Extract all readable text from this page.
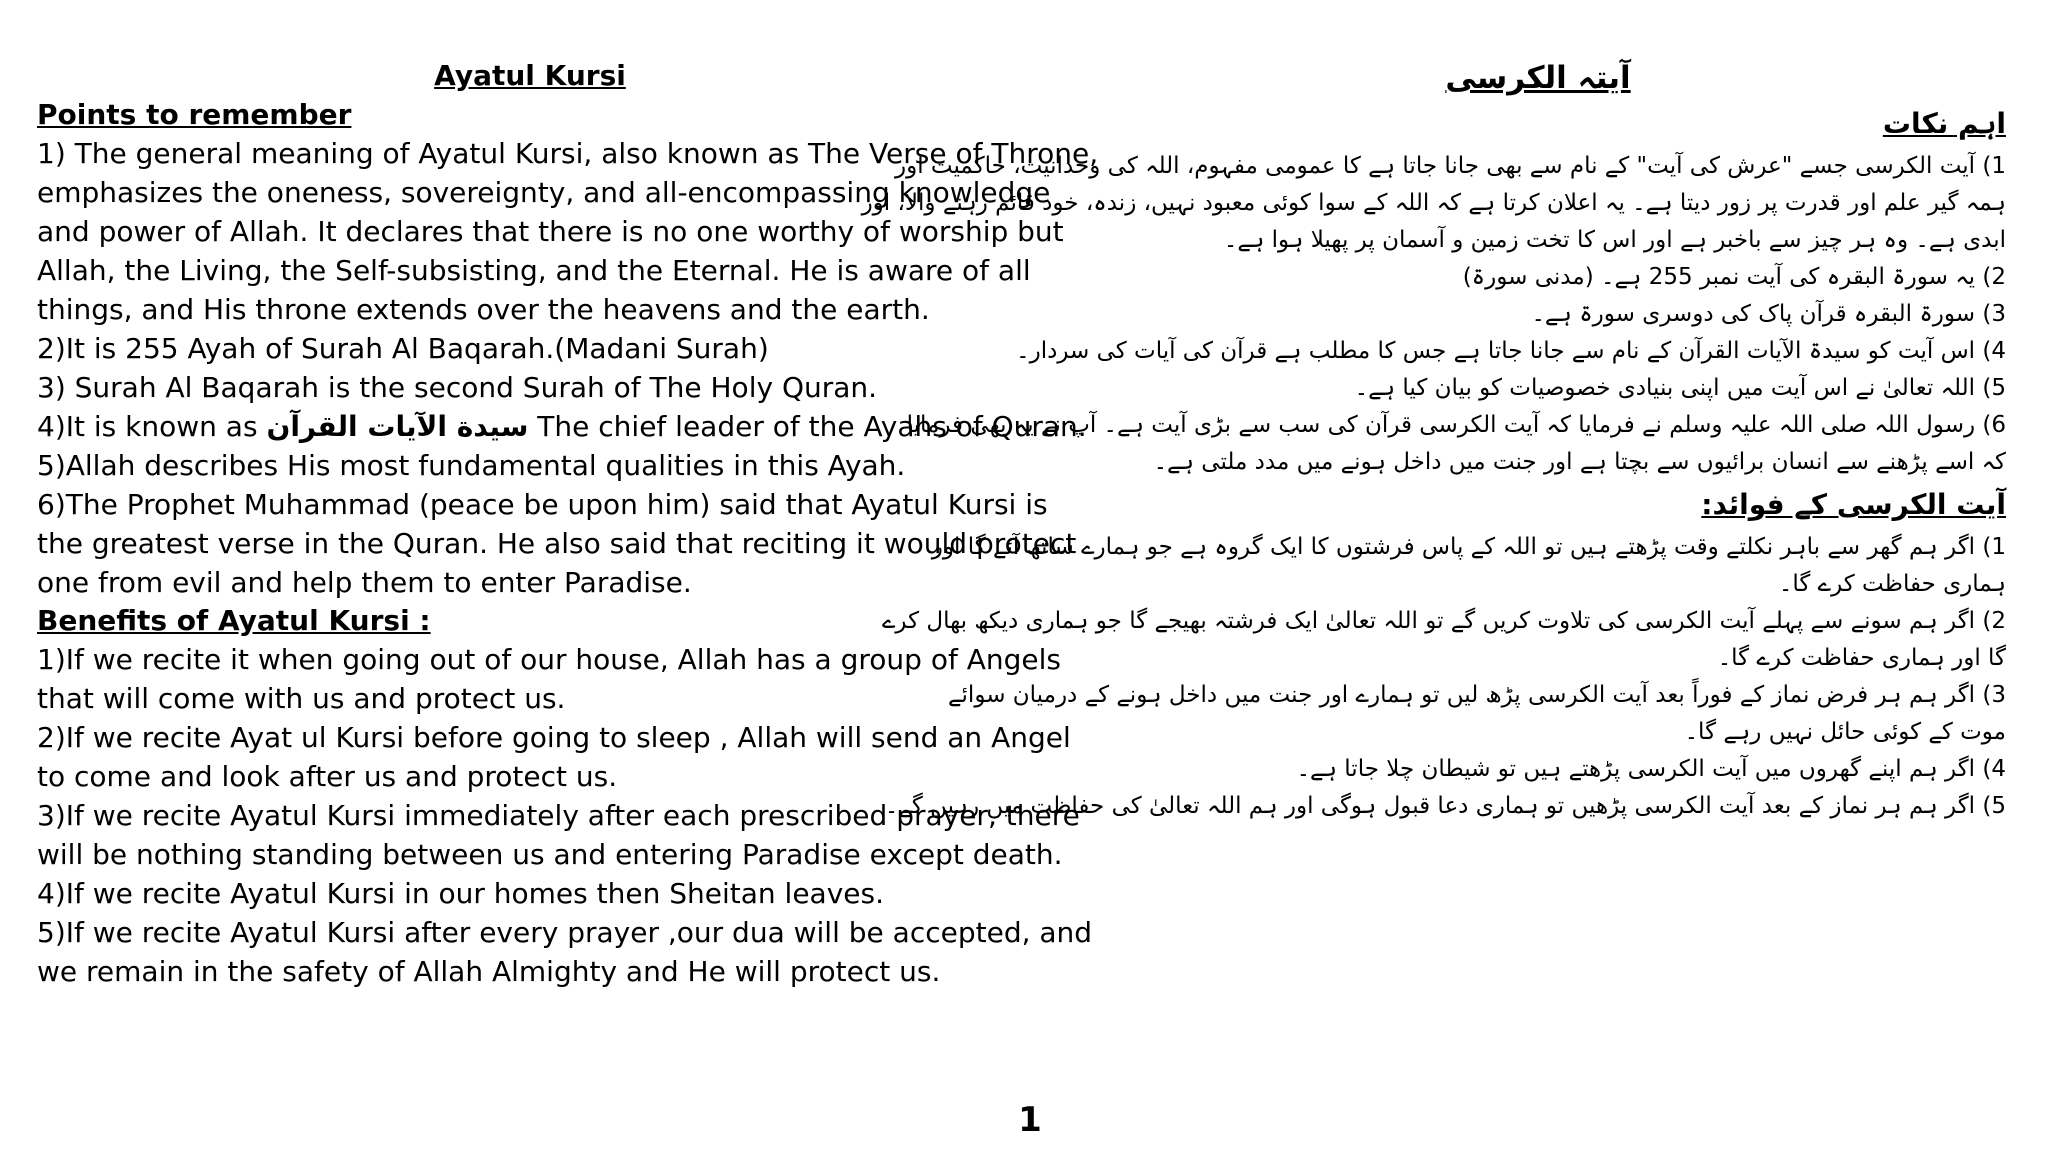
Ayatul Kursi
Points to remember
1) The general meaning of Ayatul Kursi, also known as The Verse of Throne,
emphasizes the oneness, sovereignty, and all-encompassing knowledge
and power of Allah. It declares that there is no one worthy of worship but
Allah, the Living, the Self-subsisting, and the Eternal. He is aware of all
things, and His throne extends over the heavens and the earth.
2)It is 255 Ayah of Surah Al Baqarah.(Madani Surah)
3) Surah Al Baqarah is the second Surah of The Holy Quran.
4)It is known as سيدة الآيات القرآن The chief leader of the Ayahs of Quran.
5)Allah describes His most fundamental qualities in this Ayah.
6)The Prophet Muhammad (peace be upon him) said that Ayatul Kursi is
the greatest verse in the Quran. He also said that reciting it would protect
one from evil and help them to enter Paradise.
Benefits of Ayatul Kursi :
1)If we recite it when going out of our house, Allah has a group of Angels
that will come with us and protect us.
2)If we recite Ayat ul Kursi before going to sleep , Allah will send an Angel
to come and look after us and protect us.
3)If we recite Ayatul Kursi immediately after each prescribed prayer, there
will be nothing standing between us and entering Paradise except death.
4)If we recite Ayatul Kursi in our homes then Sheitan leaves.
5)If we recite Ayatul Kursi after every prayer ,our dua will be accepted, and
we remain in the safety of Allah Almighty and He will protect us.
آیتہ الکرسی
اہم نکات
1) آیت الکرسی جسے "عرش کی آیت" کے نام سے بھی جانا جاتا ہے کا عمومی مفہوم، اللہ کی وحدانیت، حاکمیت اور
ہمہ گیر علم اور قدرت پر زور دیتا ہے۔ یہ اعلان کرتا ہے کہ اللہ کے سوا کوئی معبود نہیں، زندہ، خود قائم رہنے والا، اور
ابدی ہے۔ وہ ہر چیز سے باخبر ہے اور اس کا تخت زمین و آسمان پر پھیلا ہوا ہے۔
2) یہ سورۃ البقرہ کی آیت نمبر 255 ہے۔ (مدنی سورۃ)
3) سورۃ البقرہ قرآن پاک کی دوسری سورۃ ہے۔
4) اس آیت کو سیدۃ الآیات القرآن کے نام سے جانا جاتا ہے جس کا مطلب ہے قرآن کی آیات کی سردار۔
5) اللہ تعالیٰ نے اس آیت میں اپنی بنیادی خصوصیات کو بیان کیا ہے۔
6) رسول اللہ صلی اللہ علیہ وسلم نے فرمایا کہ آیت الکرسی قرآن کی سب سے بڑی آیت ہے۔ آپ نے یہ بھی فرمایا
کہ اسے پڑھنے سے انسان برائیوں سے بچتا ہے اور جنت میں داخل ہونے میں مدد ملتی ہے۔
آیت الکرسی کے فوائد:
1) اگر ہم گھر سے باہر نکلتے وقت پڑھتے ہیں تو اللہ کے پاس فرشتوں کا ایک گروہ ہے جو ہمارے ساتھ آئے گا اور
ہماری حفاظت کرے گا۔
2) اگر ہم سونے سے پہلے آیت الکرسی کی تلاوت کریں گے تو اللہ تعالیٰ ایک فرشتہ بھیجے گا جو ہماری دیکھ بھال کرے
گا اور ہماری حفاظت کرے گا۔
3) اگر ہم ہر فرض نماز کے فوراً بعد آیت الکرسی پڑھ لیں تو ہمارے اور جنت میں داخل ہونے کے درمیان سوائے
موت کے کوئی حائل نہیں رہے گا۔
4) اگر ہم اپنے گھروں میں آیت الکرسی پڑھتے ہیں تو شیطان چلا جاتا ہے۔
5) اگر ہم ہر نماز کے بعد آیت الکرسی پڑھیں تو ہماری دعا قبول ہوگی اور ہم اللہ تعالیٰ کی حفاظت میں رہیں گے۔
1
